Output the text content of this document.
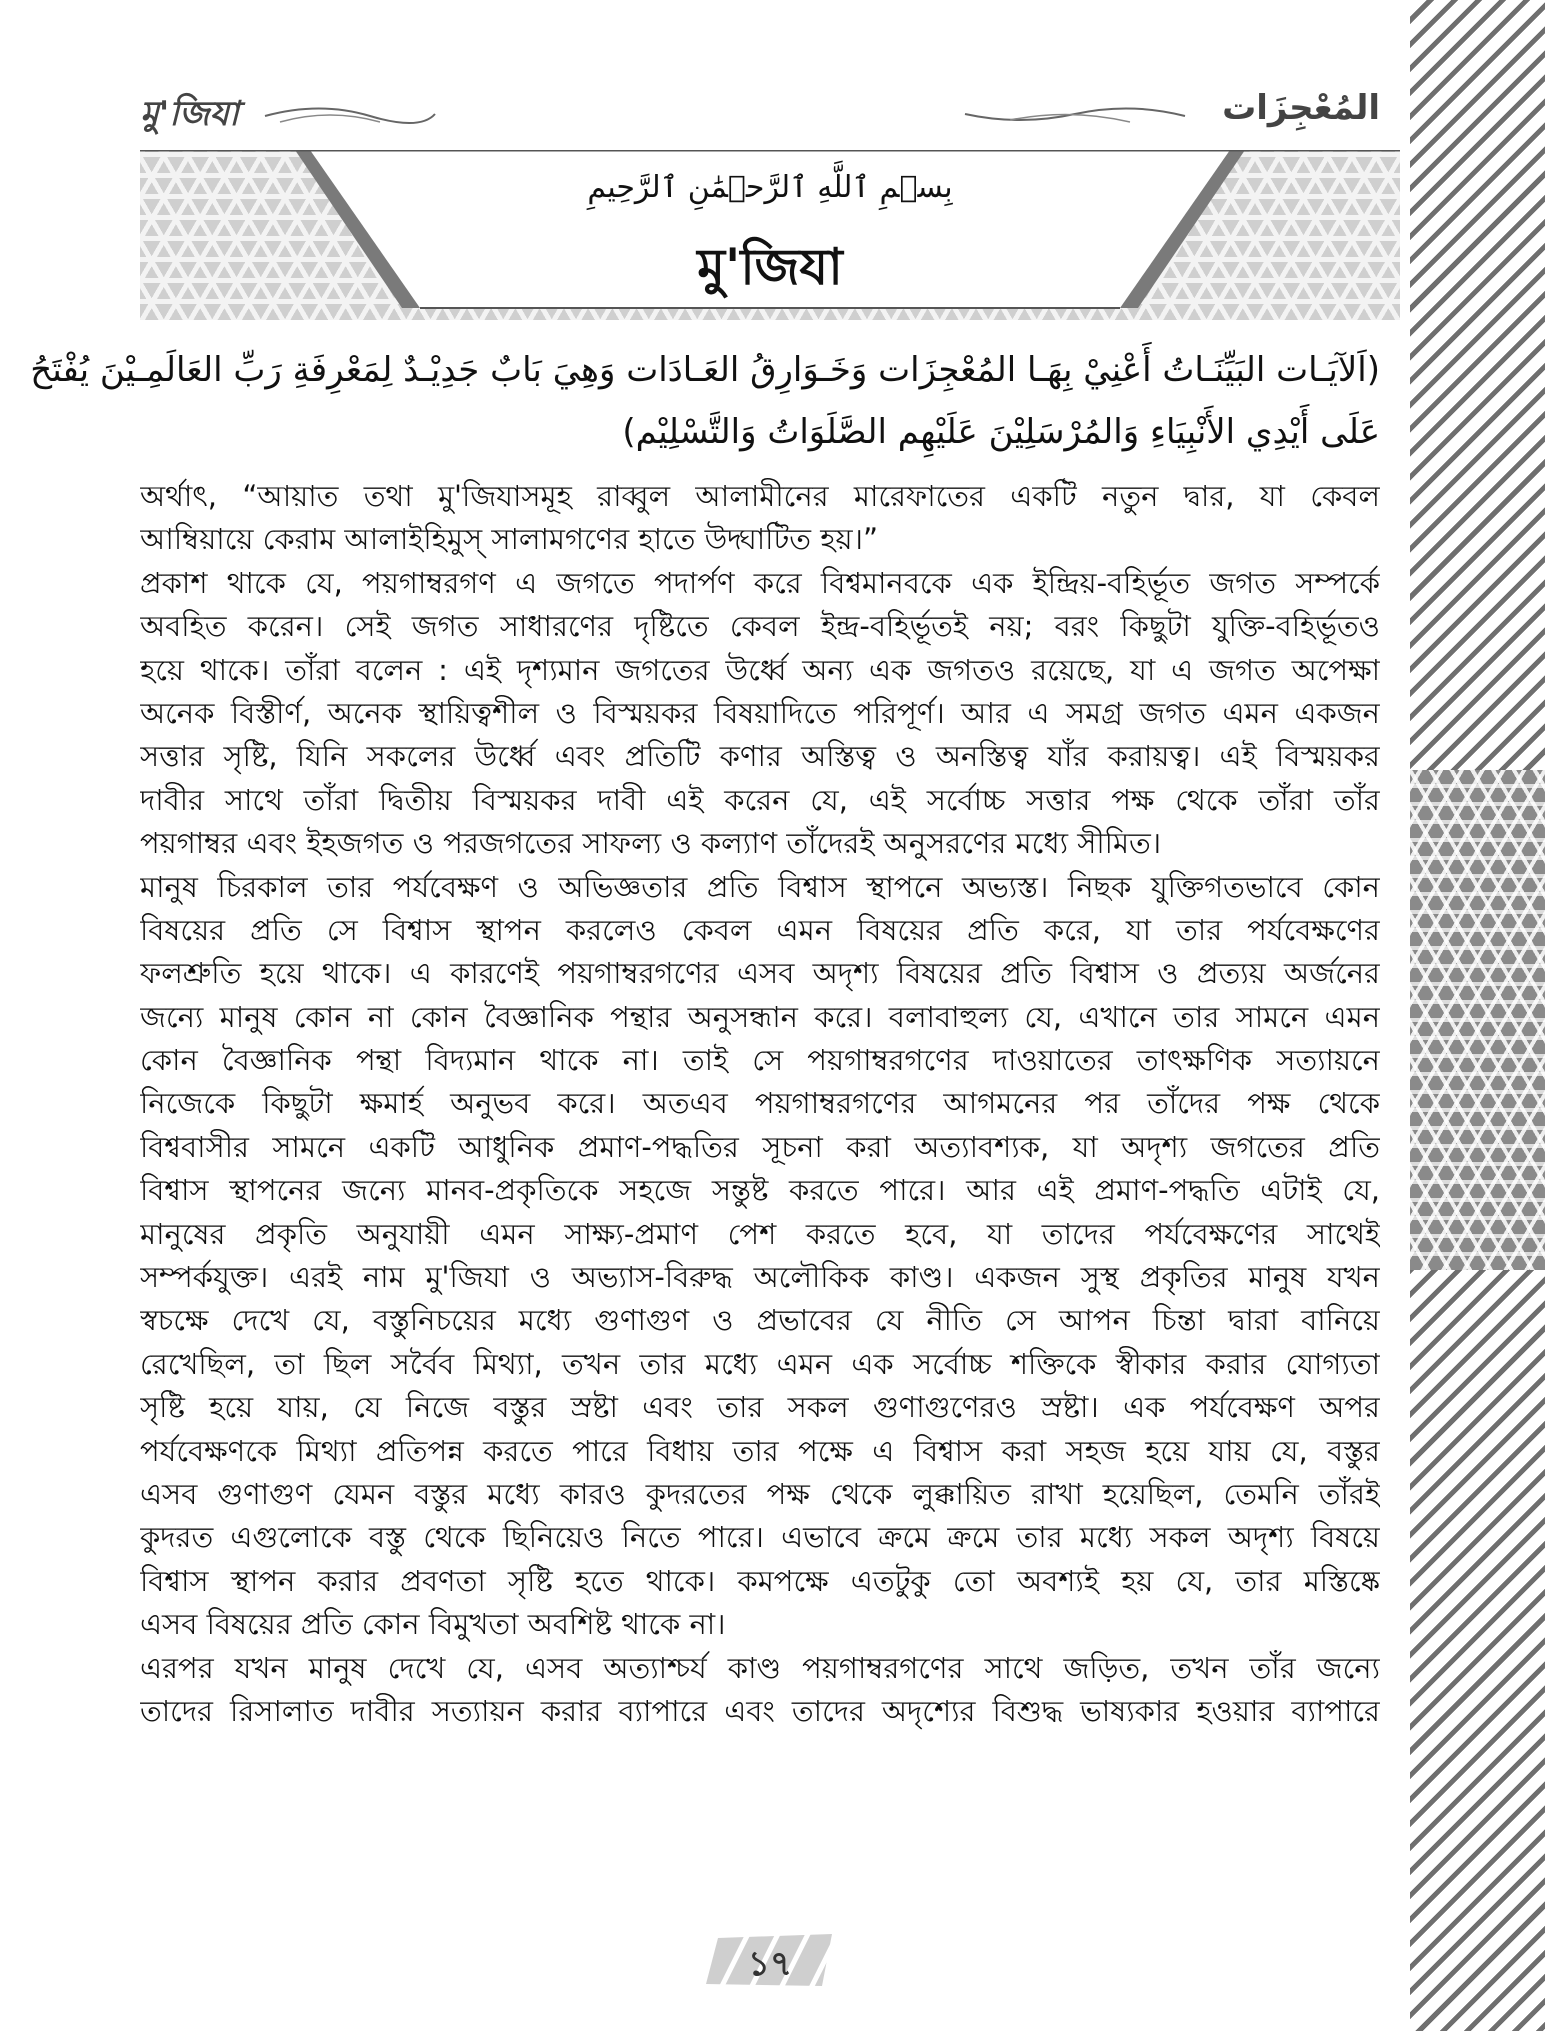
মু'জিযা	المُعْجِزَات
بِسۡمِ ٱللَّهِ ٱلرَّحۡمَٰنِ ٱلرَّحِيمِ
মু'জিযা
(اَلآيَـات البَيِّنَـاتُ أَعْنِيْ بِهَـا المُعْجِزَات وَخَـوَارِقُ العَـادَات وَهِيَ بَابٌ جَدِيْـدٌ لِمَعْرِفَةِ رَبِّ العَالَمِـيْنَ يُفْتَحُ
عَلَى أَيْدِي الأَنْبِيَاءِ وَالمُرْسَلِيْنَ عَلَيْهِم الصَّلَوَاتُ وَالتَّسْلِيْم)
অর্থাৎ, “আয়াত তথা মু'জিযাসমূহ রাব্বুল আলামীনের মারেফাতের একটি নতুন দ্বার, যা কেবল
আম্বিয়ায়ে কেরাম আলাইহিমুস্ সালামগণের হাতে উদ্ঘাটিত হয়।”
প্রকাশ থাকে যে, পয়গাম্বরগণ এ জগতে পদার্পণ করে বিশ্বমানবকে এক ইন্দ্রিয়-বহির্ভূত জগত সম্পর্কে
অবহিত করেন। সেই জগত সাধারণের দৃষ্টিতে কেবল ইন্দ্র-বহির্ভূতই নয়; বরং কিছুটা যুক্তি-বহির্ভূতও
হয়ে থাকে। তাঁরা বলেন : এই দৃশ্যমান জগতের উর্ধ্বে অন্য এক জগতও রয়েছে, যা এ জগত অপেক্ষা
অনেক বিস্তীর্ণ, অনেক স্থায়িত্বশীল ও বিস্ময়কর বিষয়াদিতে পরিপূর্ণ। আর এ সমগ্র জগত এমন একজন
সত্তার সৃষ্টি, যিনি সকলের উর্ধ্বে এবং প্রতিটি কণার অস্তিত্ব ও অনস্তিত্ব যাঁর করায়ত্ব। এই বিস্ময়কর
দাবীর সাথে তাঁরা দ্বিতীয় বিস্ময়কর দাবী এই করেন যে, এই সর্বোচ্চ সত্তার পক্ষ থেকে তাঁরা তাঁর
পয়গাম্বর এবং ইহজগত ও পরজগতের সাফল্য ও কল্যাণ তাঁদেরই অনুসরণের মধ্যে সীমিত।
মানুষ চিরকাল তার পর্যবেক্ষণ ও অভিজ্ঞতার প্রতি বিশ্বাস স্থাপনে অভ্যস্ত। নিছক যুক্তিগতভাবে কোন
বিষয়ের প্রতি সে বিশ্বাস স্থাপন করলেও কেবল এমন বিষয়ের প্রতি করে, যা তার পর্যবেক্ষণের
ফলশ্রুতি হয়ে থাকে। এ কারণেই পয়গাম্বরগণের এসব অদৃশ্য বিষয়ের প্রতি বিশ্বাস ও প্রত্যয় অর্জনের
জন্যে মানুষ কোন না কোন বৈজ্ঞানিক পন্থার অনুসন্ধান করে। বলাবাহুল্য যে, এখানে তার সামনে এমন
কোন বৈজ্ঞানিক পন্থা বিদ্যমান থাকে না। তাই সে পয়গাম্বরগণের দাওয়াতের তাৎক্ষণিক সত্যায়নে
নিজেকে কিছুটা ক্ষমার্হ অনুভব করে। অতএব পয়গাম্বরগণের আগমনের পর তাঁদের পক্ষ থেকে
বিশ্ববাসীর সামনে একটি আধুনিক প্রমাণ-পদ্ধতির সূচনা করা অত্যাবশ্যক, যা অদৃশ্য জগতের প্রতি
বিশ্বাস স্থাপনের জন্যে মানব-প্রকৃতিকে সহজে সন্তুষ্ট করতে পারে। আর এই প্রমাণ-পদ্ধতি এটাই যে,
মানুষের প্রকৃতি অনুযায়ী এমন সাক্ষ্য-প্রমাণ পেশ করতে হবে, যা তাদের পর্যবেক্ষণের সাথেই
সম্পর্কযুক্ত। এরই নাম মু'জিযা ও অভ্যাস-বিরুদ্ধ অলৌকিক কাণ্ড। একজন সুস্থ প্রকৃতির মানুষ যখন
স্বচক্ষে দেখে যে, বস্তুনিচয়ের মধ্যে গুণাগুণ ও প্রভাবের যে নীতি সে আপন চিন্তা দ্বারা বানিয়ে
রেখেছিল, তা ছিল সর্বৈব মিথ্যা, তখন তার মধ্যে এমন এক সর্বোচ্চ শক্তিকে স্বীকার করার যোগ্যতা
সৃষ্টি হয়ে যায়, যে নিজে বস্তুর স্রষ্টা এবং তার সকল গুণাগুণেরও স্রষ্টা। এক পর্যবেক্ষণ অপর
পর্যবেক্ষণকে মিথ্যা প্রতিপন্ন করতে পারে বিধায় তার পক্ষে এ বিশ্বাস করা সহজ হয়ে যায় যে, বস্তুর
এসব গুণাগুণ যেমন বস্তুর মধ্যে কারও কুদরতের পক্ষ থেকে লুক্কায়িত রাখা হয়েছিল, তেমনি তাঁরই
কুদরত এগুলোকে বস্তু থেকে ছিনিয়েও নিতে পারে। এভাবে ক্রমে ক্রমে তার মধ্যে সকল অদৃশ্য বিষয়ে
বিশ্বাস স্থাপন করার প্রবণতা সৃষ্টি হতে থাকে। কমপক্ষে এতটুকু তো অবশ্যই হয় যে, তার মস্তিষ্কে
এসব বিষয়ের প্রতি কোন বিমুখতা অবশিষ্ট থাকে না।
এরপর যখন মানুষ দেখে যে, এসব অত্যাশ্চর্য কাণ্ড পয়গাম্বরগণের সাথে জড়িত, তখন তাঁর জন্যে
তাদের রিসালাত দাবীর সত্যায়ন করার ব্যাপারে এবং তাদের অদৃশ্যের বিশুদ্ধ ভাষ্যকার হওয়ার ব্যাপারে
১৭
